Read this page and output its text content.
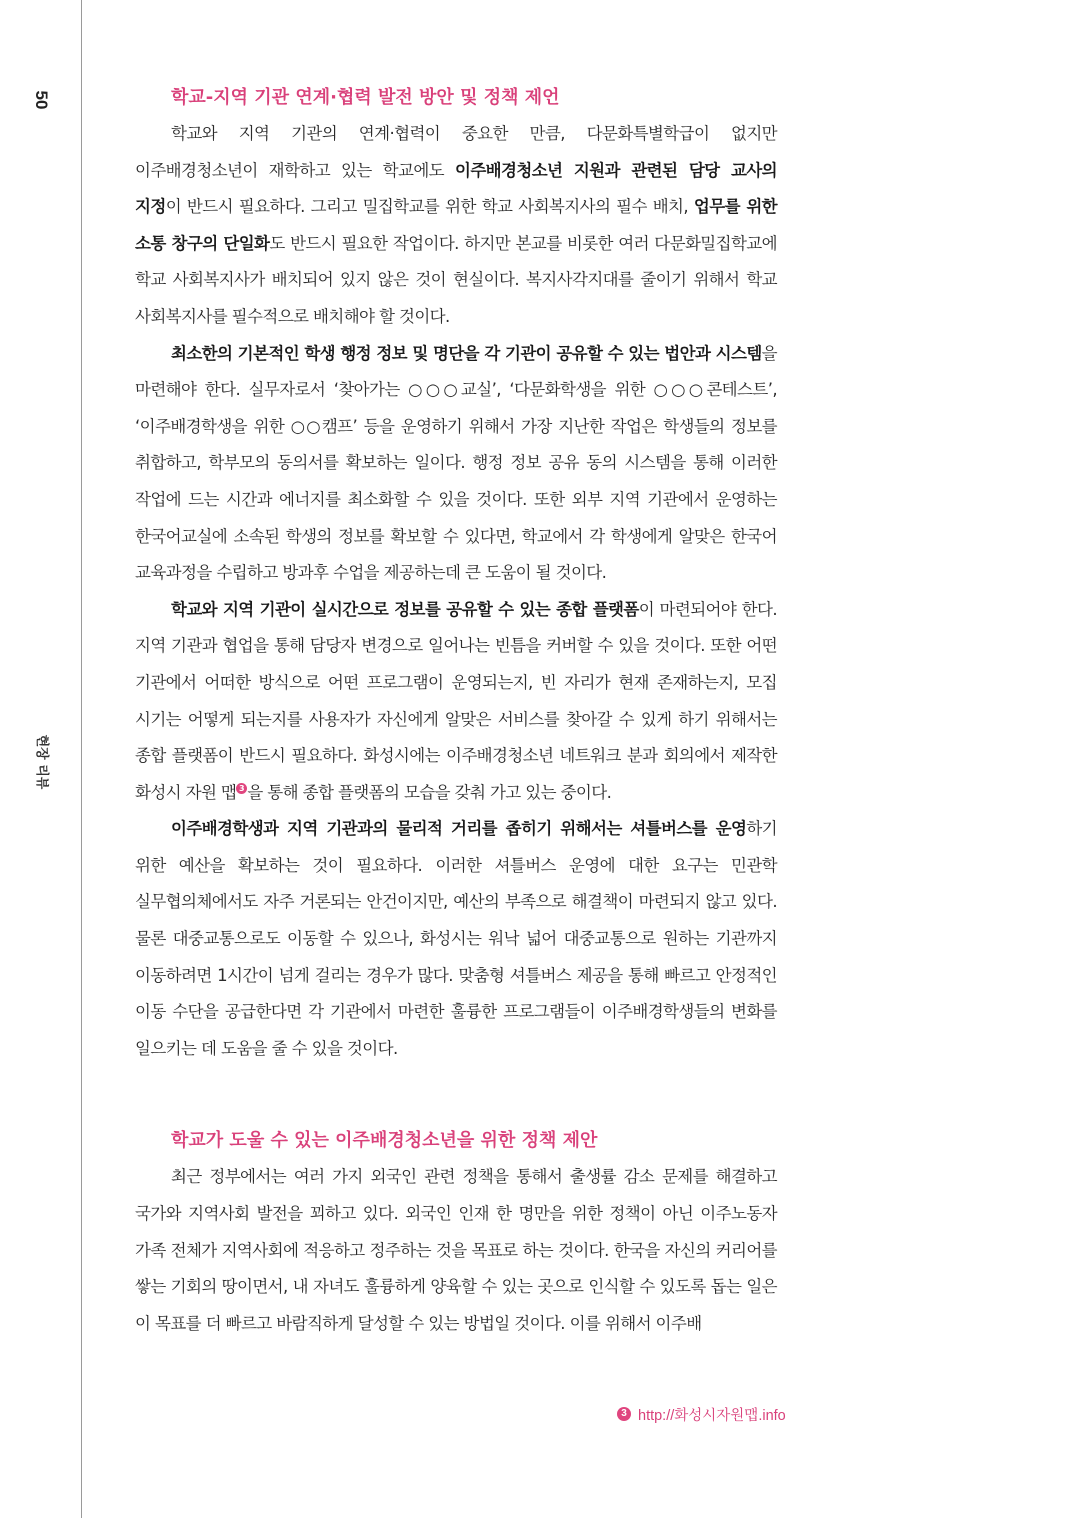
50
현장 리뷰
학교-지역 기관 연계·협력 발전 방안 및 정책 제언

학교와 지역 기관의 연계·협력이 중요한 만큼, 다문화특별학급이 없지만 이주배경청소년이 재학하고 있는 학교에도 이주배경청소년 지원과 관련된 담당 교사의 지정이 반드시 필요하다. 그리고 밀집학교를 위한 학교 사회복지사의 필수 배치, 업무를 위한 소통 창구의 단일화도 반드시 필요한 작업이다. 하지만 본교를 비롯한 여러 다문화밀집학교에 학교 사회복지사가 배치되어 있지 않은 것이 현실이다. 복지사각지대를 줄이기 위해서 학교 사회복지사를 필수적으로 배치해야 할 것이다.

최소한의 기본적인 학생 행정 정보 및 명단을 각 기관이 공유할 수 있는 법안과 시스템을 마련해야 한다. 실무자로서 ‘찾아가는 ○○○교실’, ‘다문화학생을 위한 ○○○콘테스트’, ‘이주배경학생을 위한 ○○캠프’ 등을 운영하기 위해서 가장 지난한 작업은 학생들의 정보를 취합하고, 학부모의 동의서를 확보하는 일이다. 행정 정보 공유 동의 시스템을 통해 이러한 작업에 드는 시간과 에너지를 최소화할 수 있을 것이다. 또한 외부 지역 기관에서 운영하는 한국어교실에 소속된 학생의 정보를 확보할 수 있다면, 학교에서 각 학생에게 알맞은 한국어 교육과정을 수립하고 방과후 수업을 제공하는데 큰 도움이 될 것이다.

학교와 지역 기관이 실시간으로 정보를 공유할 수 있는 종합 플랫폼이 마련되어야 한다. 지역 기관과 협업을 통해 담당자 변경으로 일어나는 빈틈을 커버할 수 있을 것이다. 또한 어떤 기관에서 어떠한 방식으로 어떤 프로그램이 운영되는지, 빈 자리가 현재 존재하는지, 모집 시기는 어떻게 되는지를 사용자가 자신에게 알맞은 서비스를 찾아갈 수 있게 하기 위해서는 종합 플랫폼이 반드시 필요하다. 화성시에는 이주배경청소년 네트워크 분과 회의에서 제작한 화성시 자원 맵 3 을 통해 종합 플랫폼의 모습을 갖춰 가고 있는 중이다.

이주배경학생과 지역 기관과의 물리적 거리를 좁히기 위해서는 셔틀버스를 운영하기 위한 예산을 확보하는 것이 필요하다. 이러한 셔틀버스 운영에 대한 요구는 민관학 실무협의체에서도 자주 거론되는 안건이지만, 예산의 부족으로 해결책이 마련되지 않고 있다. 물론 대중교통으로도 이동할 수 있으나, 화성시는 워낙 넓어 대중교통으로 원하는 기관까지 이동하려면 1시간이 넘게 걸리는 경우가 많다. 맞춤형 셔틀버스 제공을 통해 빠르고 안정적인 이동 수단을 공급한다면 각 기관에서 마련한 훌륭한 프로그램들이 이주배경학생들의 변화를 일으키는 데 도움을 줄 수 있을 것이다.

학교가 도울 수 있는 이주배경청소년을 위한 정책 제안

최근 정부에서는 여러 가지 외국인 관련 정책을 통해서 출생률 감소 문제를 해결하고 국가와 지역사회 발전을 꾀하고 있다. 외국인 인재 한 명만을 위한 정책이 아닌 이주노동자 가족 전체가 지역사회에 적응하고 정주하는 것을 목표로 하는 것이다. 한국을 자신의 커리어를 쌓는 기회의 땅이면서, 내 자녀도 훌륭하게 양육할 수 있는 곳으로 인식할 수 있도록 돕는 일은 이 목표를 더 빠르고 바람직하게 달성할 수 있는 방법일 것이다. 이를 위해서 이주배

3 http://화성시자원맵.info
